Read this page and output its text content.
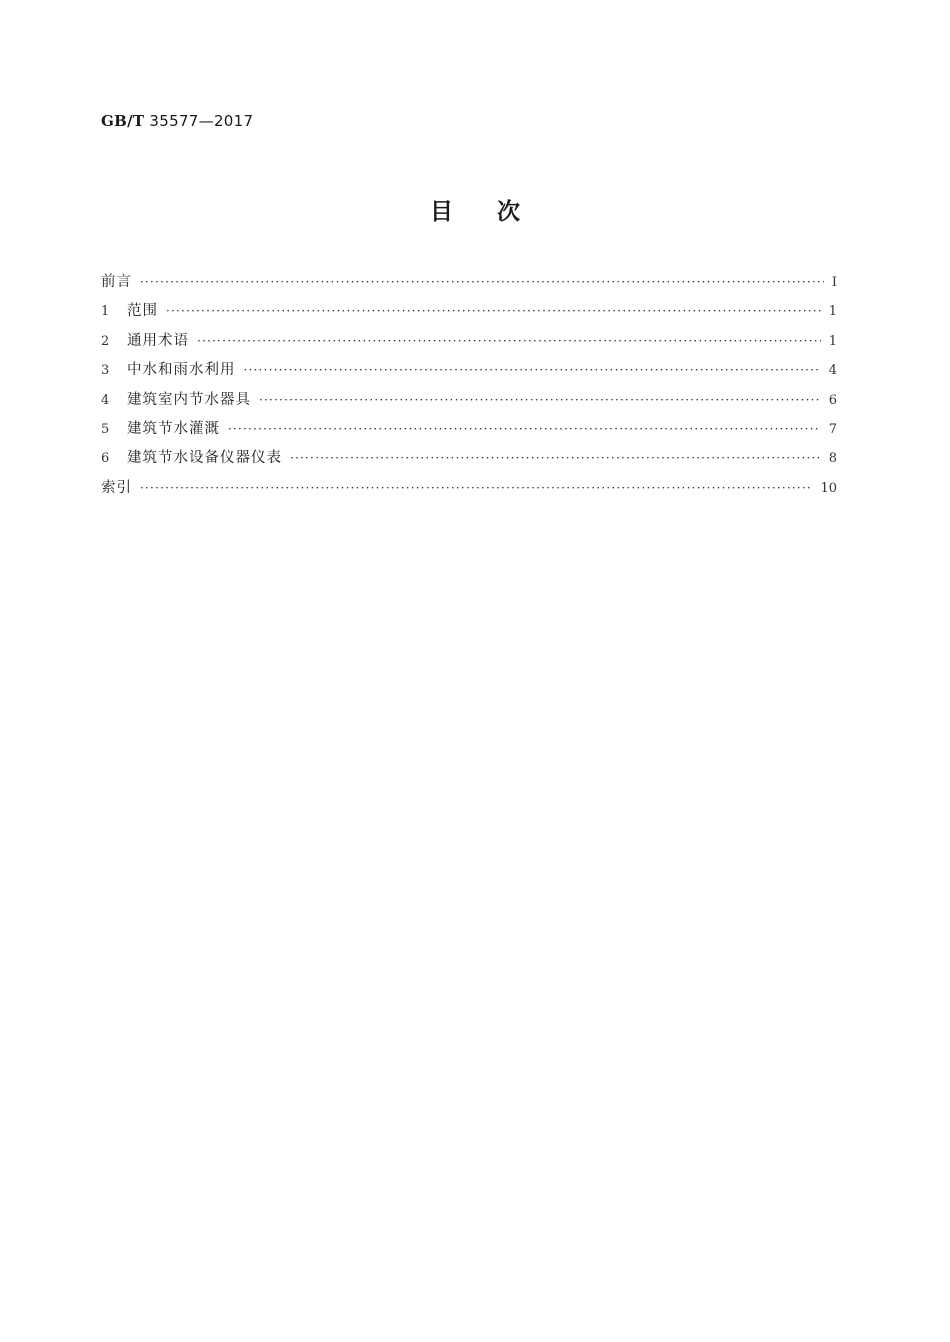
GB/T 35577—2017
目次
前言 ·····	Ⅰ
1	范围 ·····	1
2	通用术语 ·····	1
3	中水和雨水利用 ·····	4
4	建筑室内节水器具 ·····	6
5	建筑节水灌溉 ·····	7
6	建筑节水设备仪器仪表 ·····	8
索引 ·····	10
